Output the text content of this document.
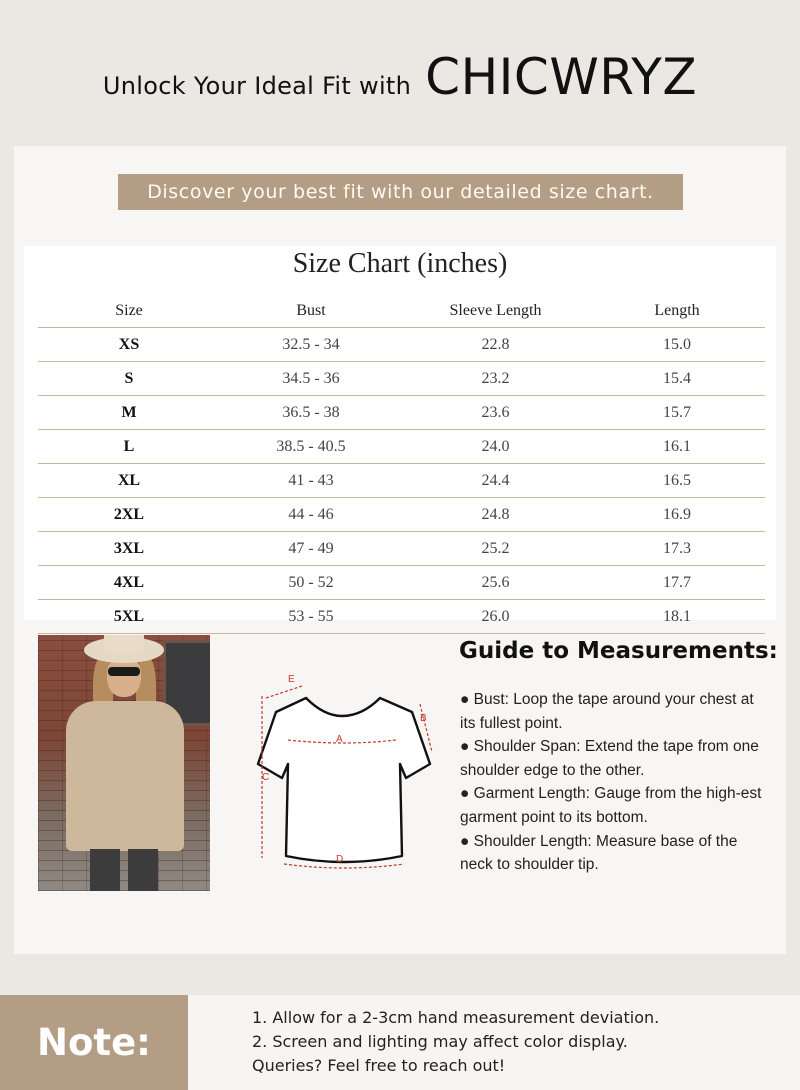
Unlock Your Ideal Fit with CHICWRYZ
Discover your best fit with our detailed size chart.
Size Chart (inches)
Size	Bust	Sleeve Length	Length
XS	32.5 - 34	22.8	15.0
S	34.5 - 36	23.2	15.4
M	36.5 - 38	23.6	15.7
L	38.5 - 40.5	24.0	16.1
XL	41 - 43	24.4	16.5
2XL	44 - 46	24.8	16.9
3XL	47 - 49	25.2	17.3
4XL	50 - 52	25.6	17.7
5XL	53 - 55	26.0	18.1
E
B
A
C
D
Guide to Measurements:

● Bust: Loop the tape around your chest at its fullest point.

● Shoulder Span: Extend the tape from one shoulder edge to the other.

● Garment Length: Gauge from the high-est garment point to its bottom.

● Shoulder Length: Measure base of the neck to shoulder tip.

Note:

1. Allow for a 2-3cm hand measurement deviation.

2. Screen and lighting may affect color display.

Queries? Feel free to reach out!
